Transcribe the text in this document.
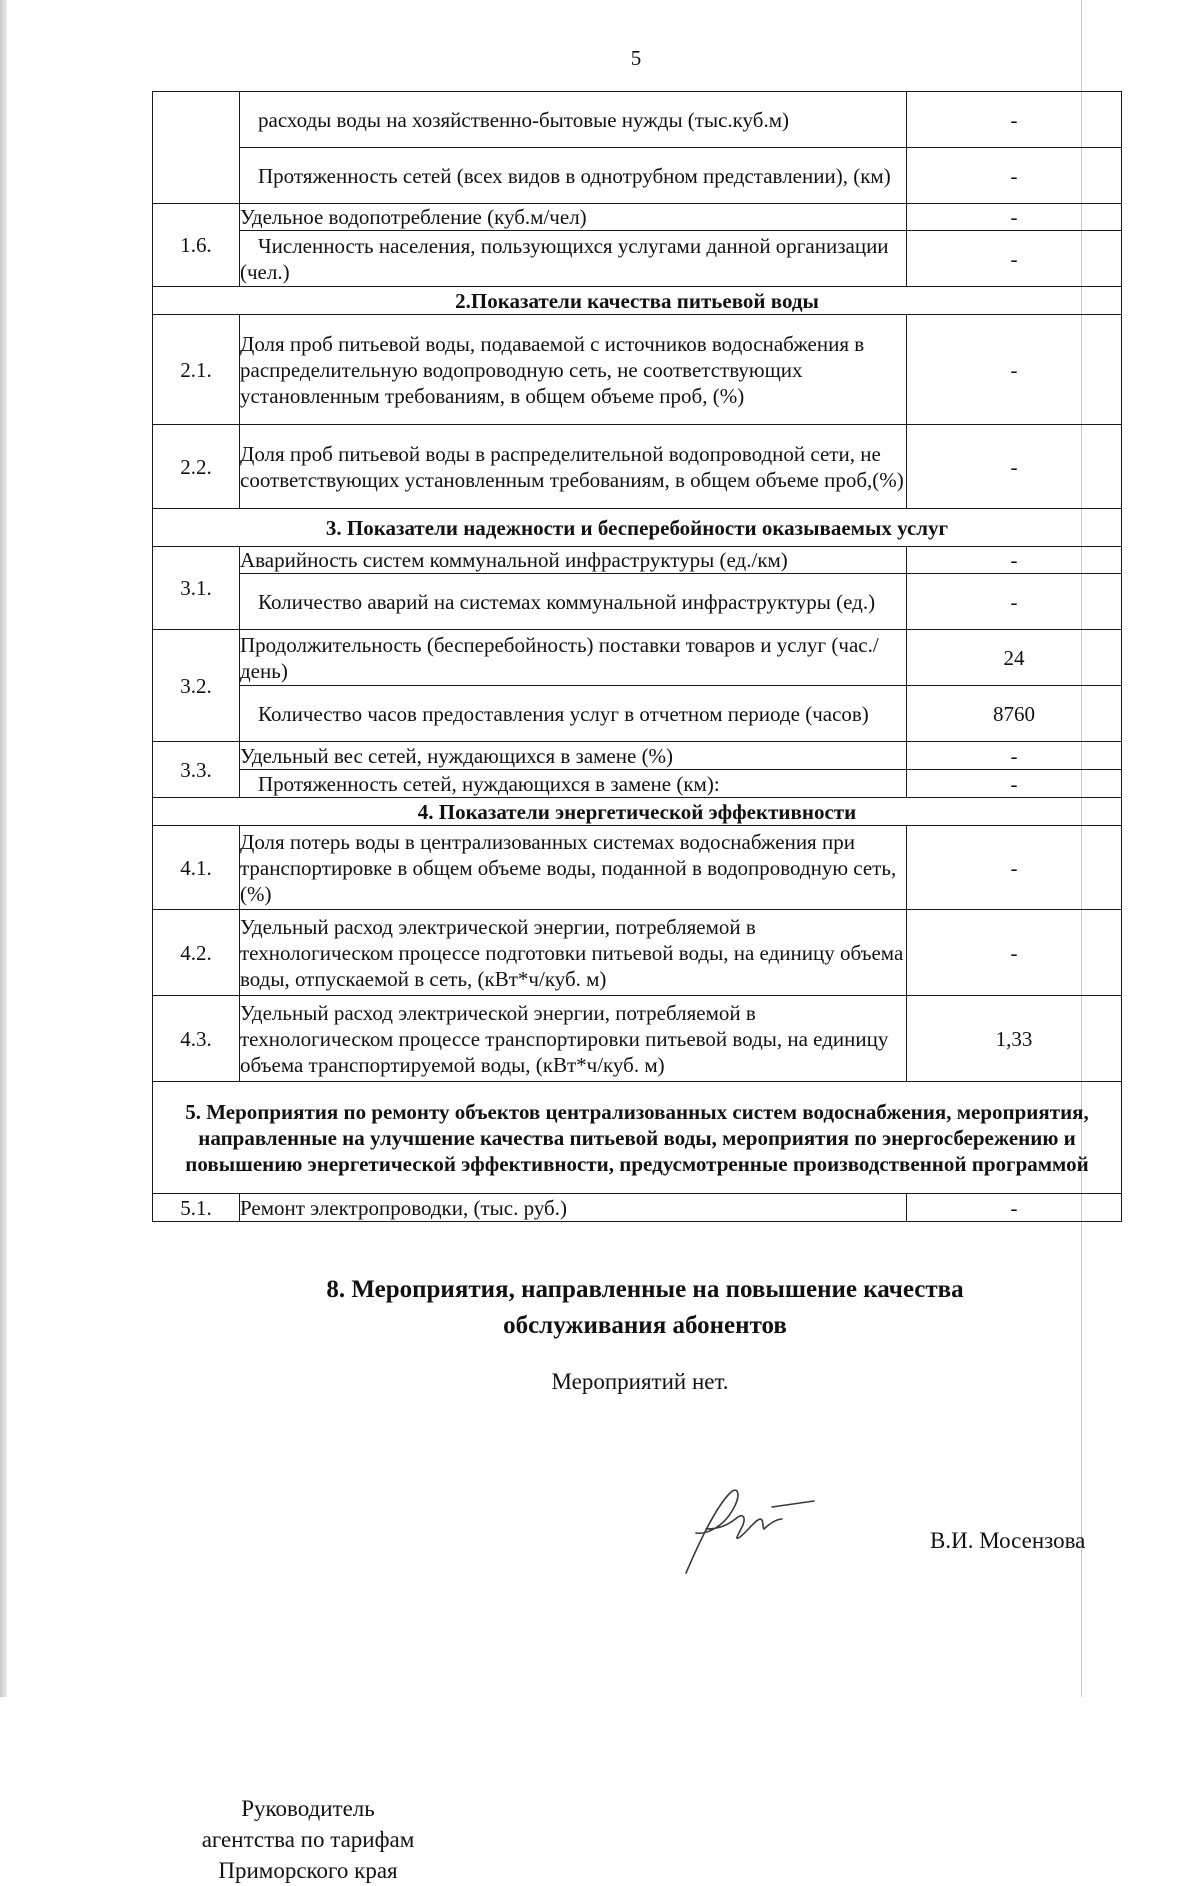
5
	расходы воды на хозяйственно-бытовые нужды (тыс.куб.м)	-
	Протяженность сетей (всех видов в однотрубном представлении), (км)	-
1.6.	Удельное водопотребление (куб.м/чел)	-
	Численность населения, пользующихся услугами данной организации (чел.)	-
2.Показатели качества питьевой воды		
2.1.	Доля проб питьевой воды, подаваемой с источников водоснабжения в распределительную водопроводную сеть, не соответствующих установленным требованиям, в общем объеме проб, (%)	-
2.2.	Доля проб питьевой воды в распределительной водопроводной сети, не соответствующих установленным требованиям, в общем объеме проб,(%)	-
3. Показатели надежности и бесперебойности оказываемых услуг		
3.1.	Аварийность систем коммунальной инфраструктуры (ед./км)	-
	Количество аварий на системах коммунальной инфраструктуры (ед.)	-
3.2.	Продолжительность (бесперебойность) поставки товаров и услуг (час./день)	24
	Количество часов предоставления услуг в отчетном периоде (часов)	8760
3.3.	Удельный вес сетей, нуждающихся в замене (%)	-
	Протяженность сетей, нуждающихся в замене (км):	-
4. Показатели энергетической эффективности		
4.1.	Доля потерь воды в централизованных системах водоснабжения при транспортировке в общем объеме воды, поданной в водопроводную сеть, (%)	-
4.2.	Удельный расход электрической энергии, потребляемой в технологическом процессе подготовки питьевой воды, на единицу объема воды, отпускаемой в сеть, (кВт*ч/куб. м)	-
4.3.	Удельный расход электрической энергии, потребляемой в технологическом процессе транспортировки питьевой воды, на единицу объема транспортируемой воды, (кВт*ч/куб. м)	1,33
5. Мероприятия по ремонту объектов централизованных систем водоснабжения, мероприятия, направленные на улучшение качества питьевой воды, мероприятия по энергосбережению и повышению энергетической эффективности, предусмотренные производственной программой		
5.1.	Ремонт электропроводки, (тыс. руб.)	-
8. Мероприятия, направленные на повышение качества
обслуживания абонентов
Мероприятий нет.
Руководитель
агентства по тарифам
Приморского края
В.И. Мосензова
